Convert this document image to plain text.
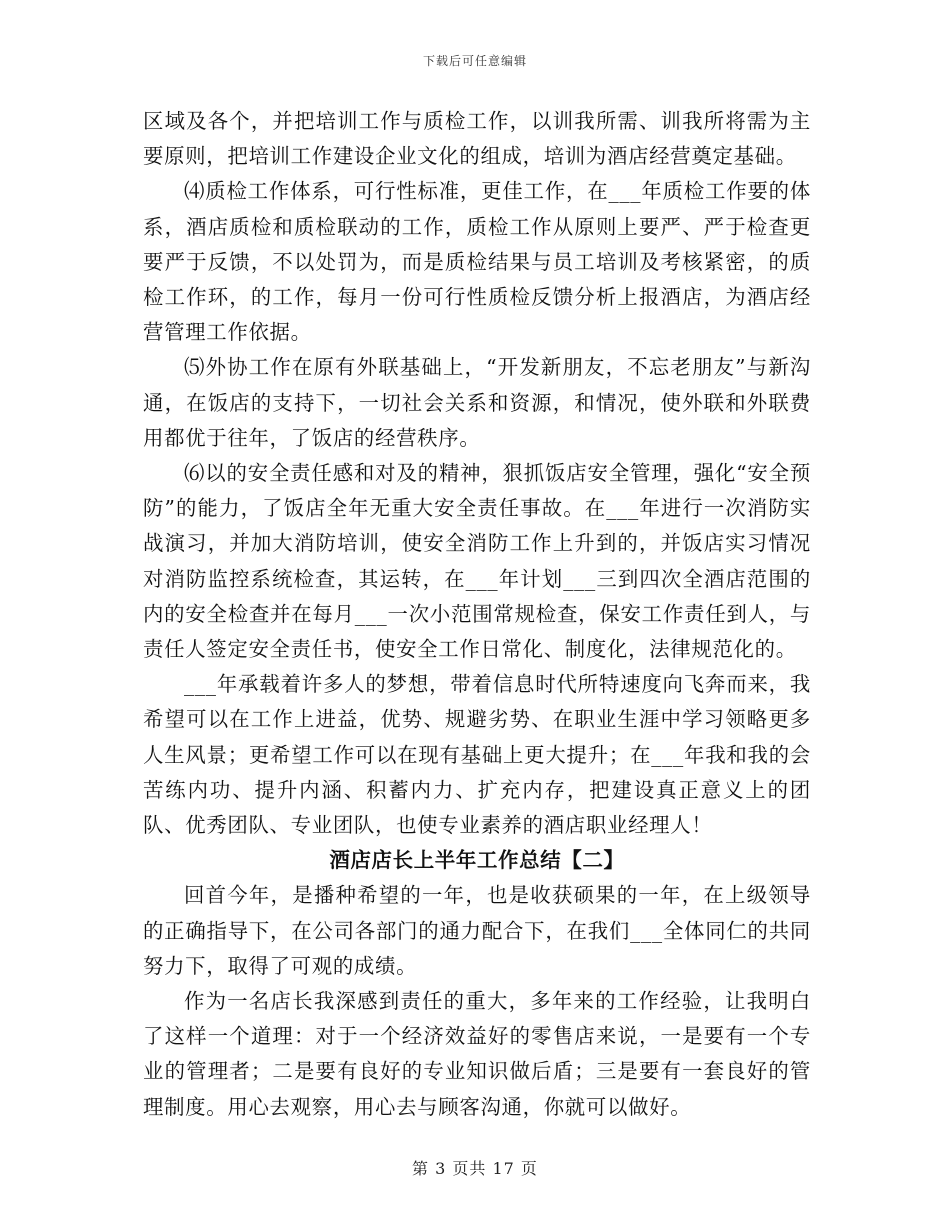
下载后可任意编辑

区域及各个，并把培训工作与质检工作，以训我所需、训我所将需为主要原则，把培训工作建设企业文化的组成，培训为酒店经营奠定基础。

⑷质检工作体系，可行性标准，更佳工作，在___年质检工作要的体系，酒店质检和质检联动的工作，质检工作从原则上要严、严于检查更要严于反馈，不以处罚为，而是质检结果与员工培训及考核紧密，的质检工作环，的工作，每月一份可行性质检反馈分析上报酒店，为酒店经营管理工作依据。

⑸外协工作在原有外联基础上，“开发新朋友，不忘老朋友”与新沟通，在饭店的支持下，一切社会关系和资源，和情况，使外联和外联费用都优于往年，了饭店的经营秩序。

⑹以的安全责任感和对及的精神，狠抓饭店安全管理，强化“安全预防”的能力，了饭店全年无重大安全责任事故。在___年进行一次消防实战演习，并加大消防培训，使安全消防工作上升到的，并饭店实习情况对消防监控系统检查，其运转，在___年计划___三到四次全酒店范围的内的安全检查并在每月___一次小范围常规检查，保安工作责任到人，与责任人签定安全责任书，使安全工作日常化、制度化，法律规范化的。

___年承载着许多人的梦想，带着信息时代所特速度向飞奔而来，我希望可以在工作上进益，优势、规避劣势、在职业生涯中学习领略更多人生风景；更希望工作可以在现有基础上更大提升；在___年我和我的会苦练内功、提升内涵、积蓄内力、扩充内存，把建设真正意义上的团队、优秀团队、专业团队，也使专业素养的酒店职业经理人！

酒店店长上半年工作总结【二】

回首今年，是播种希望的一年，也是收获硕果的一年，在上级领导的正确指导下，在公司各部门的通力配合下，在我们___全体同仁的共同努力下，取得了可观的成绩。

作为一名店长我深感到责任的重大，多年来的工作经验，让我明白了这样一个道理：对于一个经济效益好的零售店来说，一是要有一个专业的管理者；二是要有良好的专业知识做后盾；三是要有一套良好的管理制度。用心去观察，用心去与顾客沟通，你就可以做好。

第 3 页共 17 页
